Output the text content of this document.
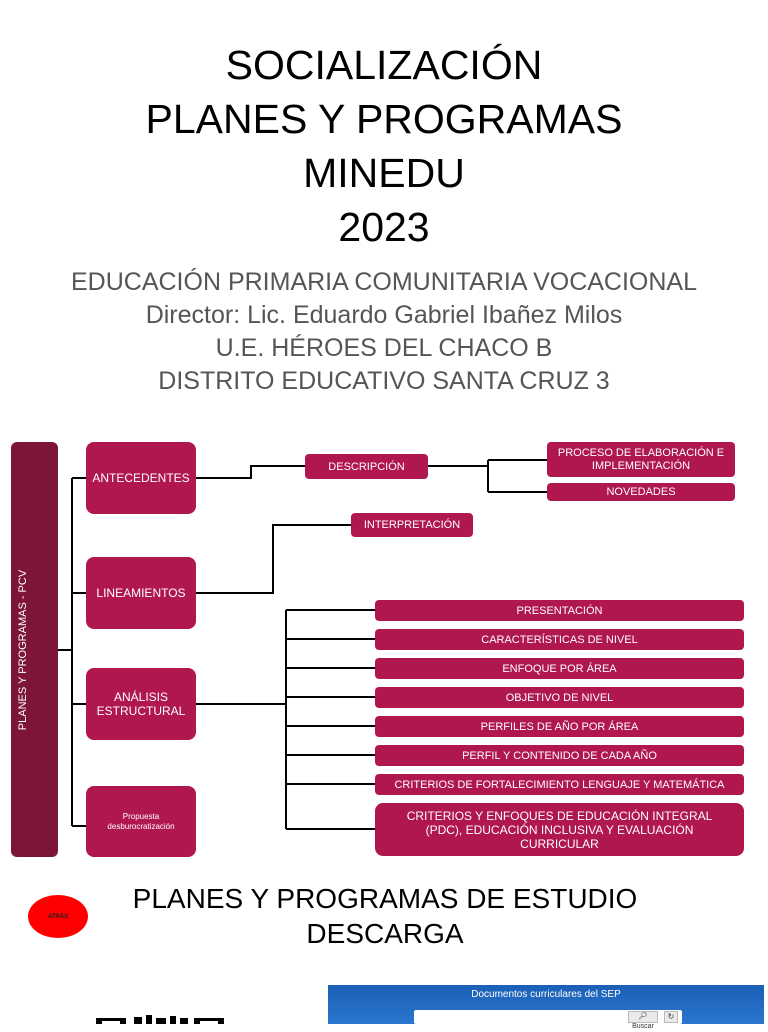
SOCIALIZACIÓN
PLANES Y PROGRAMAS
MINEDU
2023
EDUCACIÓN PRIMARIA COMUNITARIA VOCACIONAL
Director: Lic. Eduardo Gabriel Ibañez Milos
U.E. HÉROES DEL CHACO B
DISTRITO EDUCATIVO SANTA CRUZ 3
PLANES Y PROGRAMAS - PCV
ANTECEDENTES
LINEAMIENTOS
ANÁLISIS ESTRUCTURAL
Propuesta desburocratización
DESCRIPCIÓN
PROCESO DE ELABORACIÓN E IMPLEMENTACIÓN
NOVEDADES
INTERPRETACIÓN
PRESENTACIÓN
CARACTERÍSTICAS DE NIVEL
ENFOQUE POR ÁREA
OBJETIVO DE NIVEL
PERFILES DE AÑO POR ÁREA
PERFIL Y CONTENIDO DE CADA AÑO
CRITERIOS DE FORTALECIMIENTO LENGUAJE Y MATEMÁTICA
CRITERIOS Y ENFOQUES DE EDUCACIÓN INTEGRAL (PDC), EDUCACIÓN INCLUSIVA Y EVALUACIÓN CURRICULAR
ATRÁS
PLANES Y PROGRAMAS DE ESTUDIO
DESCARGA
Documentos curriculares del SEP
🔎︎Buscar
↻
